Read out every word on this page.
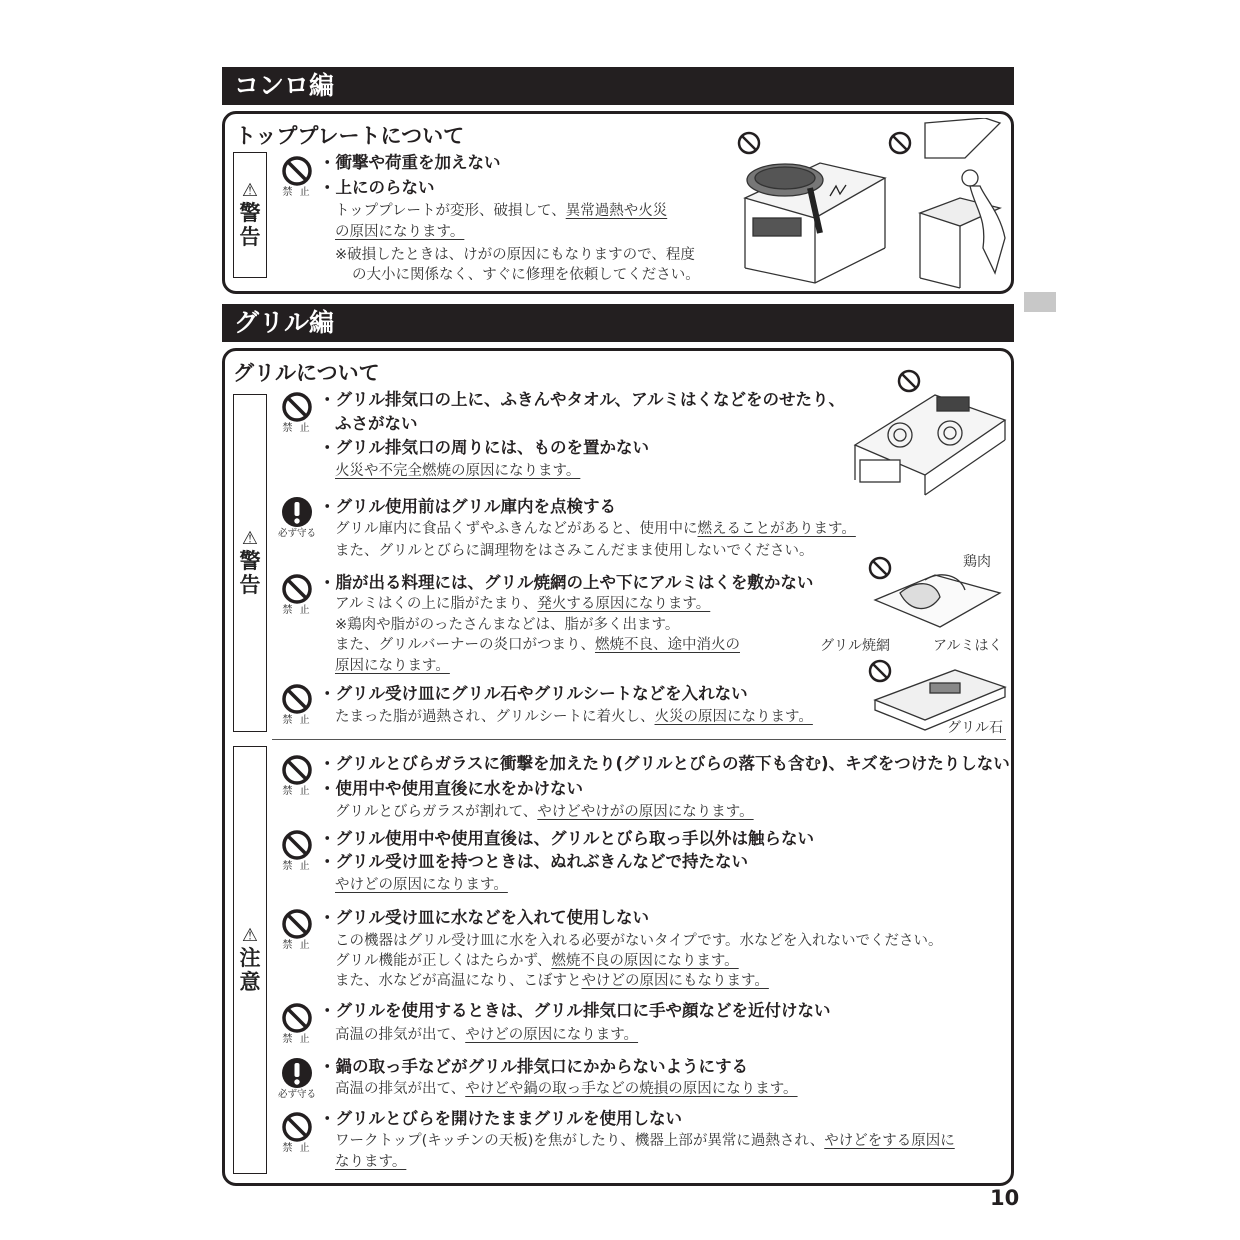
コンロ編
トッププレートについて
⚠
警
告
禁 止
・衝撃や荷重を加えない
・上にのらない
トッププレートが変形、破損して、異常過熱や火災
の原因になります。
※破損したときは、けがの原因にもなりますので、程度
の大小に関係なく、すぐに修理を依頼してください。
グリル編
グリルについて
⚠
警
告
禁 止
・グリル排気口の上に、ふきんやタオル、アルミはくなどをのせたり、
ふさがない
・グリル排気口の周りには、ものを置かない
火災や不完全燃焼の原因になります。
必ず守る
・グリル使用前はグリル庫内を点検する
グリル庫内に食品くずやふきんなどがあると、使用中に燃えることがあります。
また、グリルとびらに調理物をはさみこんだまま使用しないでください。
禁 止
・脂が出る料理には、グリル焼網の上や下にアルミはくを敷かない
アルミはくの上に脂がたまり、発火する原因になります。
※鶏肉や脂がのったさんまなどは、脂が多く出ます。
また、グリルバーナーの炎口がつまり、燃焼不良、途中消火の
原因になります。
禁 止
・グリル受け皿にグリル石やグリルシートなどを入れない
たまった脂が過熱され、グリルシートに着火し、火災の原因になります。
鶏肉
グリル焼網	アルミはく
グリル石
⚠
注
意
禁 止
・グリルとびらガラスに衝撃を加えたり(グリルとびらの落下も含む)、キズをつけたりしない
・使用中や使用直後に水をかけない
グリルとびらガラスが割れて、やけどやけがの原因になります。
禁 止
・グリル使用中や使用直後は、グリルとびら取っ手以外は触らない
・グリル受け皿を持つときは、ぬれぶきんなどで持たない
やけどの原因になります。
禁 止
・グリル受け皿に水などを入れて使用しない
この機器はグリル受け皿に水を入れる必要がないタイプです。水などを入れないでください。
グリル機能が正しくはたらかず、燃焼不良の原因になります。
また、水などが高温になり、こぼすとやけどの原因にもなります。
禁 止
・グリルを使用するときは、グリル排気口に手や顔などを近付けない
高温の排気が出て、やけどの原因になります。
必ず守る
・鍋の取っ手などがグリル排気口にかからないようにする
高温の排気が出て、やけどや鍋の取っ手などの焼損の原因になります。
禁 止
・グリルとびらを開けたままグリルを使用しない
ワークトップ(キッチンの天板)を焦がしたり、機器上部が異常に過熱され、やけどをする原因に
なります。
10
